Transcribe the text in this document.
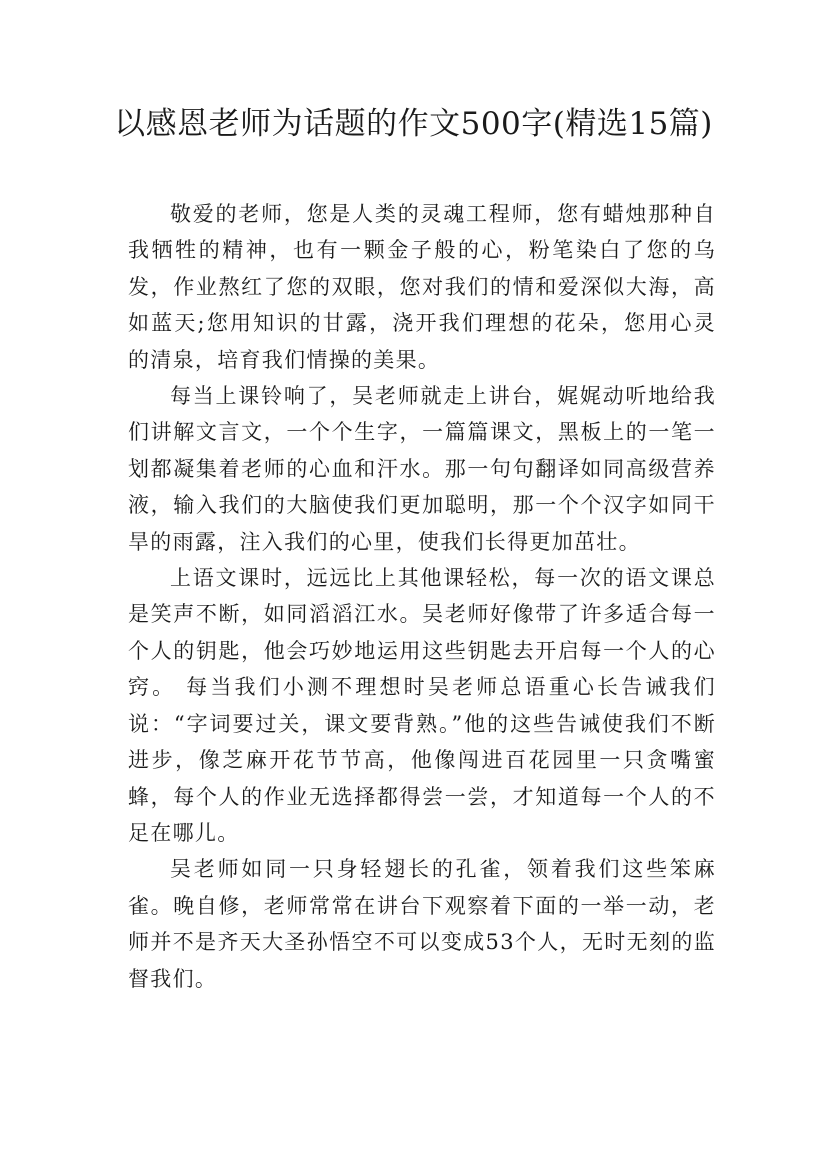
以感恩老师为话题的作文500字(精选15篇)

敬爱的老师，您是人类的灵魂工程师，您有蜡烛那种自我牺牲的精神，也有一颗金子般的心，粉笔染白了您的乌发，作业熬红了您的双眼，您对我们的情和爱深似大海，高如蓝天;您用知识的甘露，浇开我们理想的花朵，您用心灵的清泉，培育我们情操的美果。

每当上课铃响了，吴老师就走上讲台，娓娓动听地给我们讲解文言文，一个个生字，一篇篇课文，黑板上的一笔一划都凝集着老师的心血和汗水。那一句句翻译如同高级营养液，输入我们的大脑使我们更加聪明，那一个个汉字如同干旱的雨露，注入我们的心里，使我们长得更加茁壮。

上语文课时，远远比上其他课轻松，每一次的语文课总是笑声不断，如同滔滔江水。吴老师好像带了许多适合每一个人的钥匙，他会巧妙地运用这些钥匙去开启每一个人的心窍。 每当我们小测不理想时吴老师总语重心长告诫我们说：“字词要过关，课文要背熟。”他的这些告诫使我们不断进步，像芝麻开花节节高，他像闯进百花园里一只贪嘴蜜蜂，每个人的作业无选择都得尝一尝，才知道每一个人的不足在哪儿。

吴老师如同一只身轻翅长的孔雀，领着我们这些笨麻雀。晚自修，老师常常在讲台下观察着下面的一举一动，老师并不是齐天大圣孙悟空不可以变成53个人，无时无刻的监督我们。
